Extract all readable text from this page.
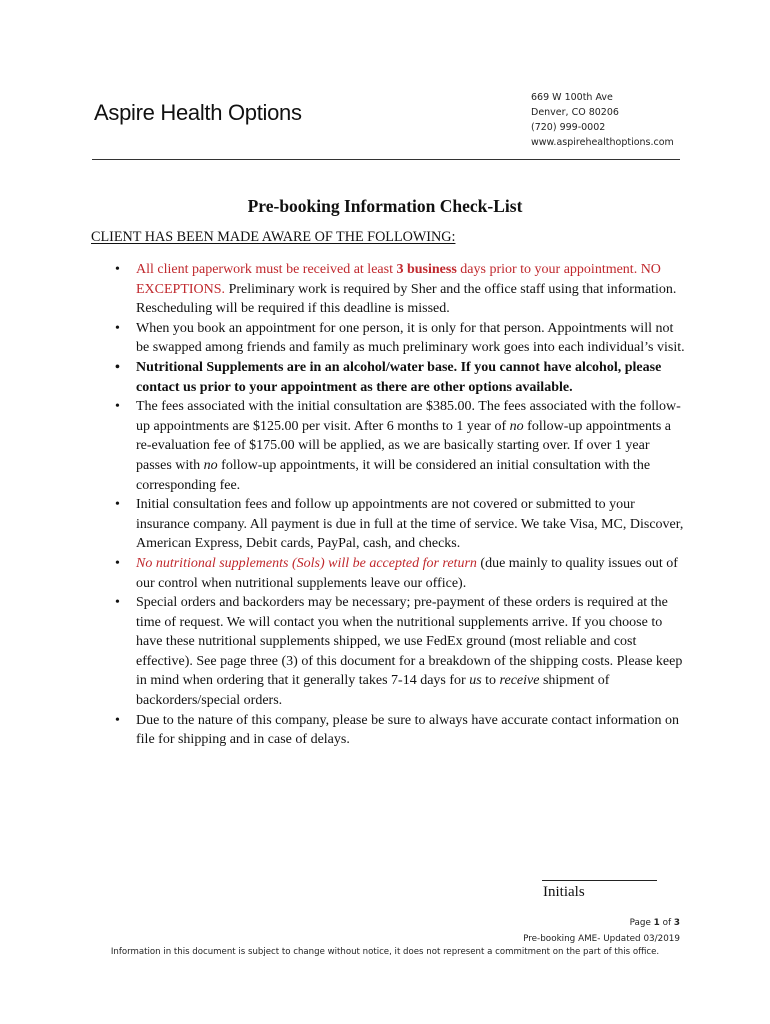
Aspire Health Options
669 W 100th Ave
Denver, CO 80206
(720) 999-0002
www.aspirehealthoptions.com
Pre-booking Information Check-List
CLIENT HAS BEEN MADE AWARE OF THE FOLLOWING:
• All client paperwork must be received at least 3 business days prior to your appointment. NO EXCEPTIONS. Preliminary work is required by Sher and the office staff using that information. Rescheduling will be required if this deadline is missed.
• When you book an appointment for one person, it is only for that person. Appointments will not be swapped among friends and family as much preliminary work goes into each individual’s visit.
• Nutritional Supplements are in an alcohol/water base. If you cannot have alcohol, please contact us prior to your appointment as there are other options available.
• The fees associated with the initial consultation are $385.00. The fees associated with the follow-up appointments are $125.00 per visit. After 6 months to 1 year of no follow-up appointments a re-evaluation fee of $175.00 will be applied, as we are basically starting over. If over 1 year passes with no follow-up appointments, it will be considered an initial consultation with the corresponding fee.
• Initial consultation fees and follow up appointments are not covered or submitted to your insurance company. All payment is due in full at the time of service. We take Visa, MC, Discover, American Express, Debit cards, PayPal, cash, and checks.
• No nutritional supplements (Sols) will be accepted for return (due mainly to quality issues out of our control when nutritional supplements leave our office).
• Special orders and backorders may be necessary; pre-payment of these orders is required at the time of request. We will contact you when the nutritional supplements arrive. If you choose to have these nutritional supplements shipped, we use FedEx ground (most reliable and cost effective). See page three (3) of this document for a breakdown of the shipping costs. Please keep in mind when ordering that it generally takes 7-14 days for us to receive shipment of backorders/special orders.
• Due to the nature of this company, please be sure to always have accurate contact information on file for shipping and in case of delays.
Initials
Page 1 of 3
Pre-booking AME- Updated 03/2019
Information in this document is subject to change without notice, it does not represent a commitment on the part of this office.
